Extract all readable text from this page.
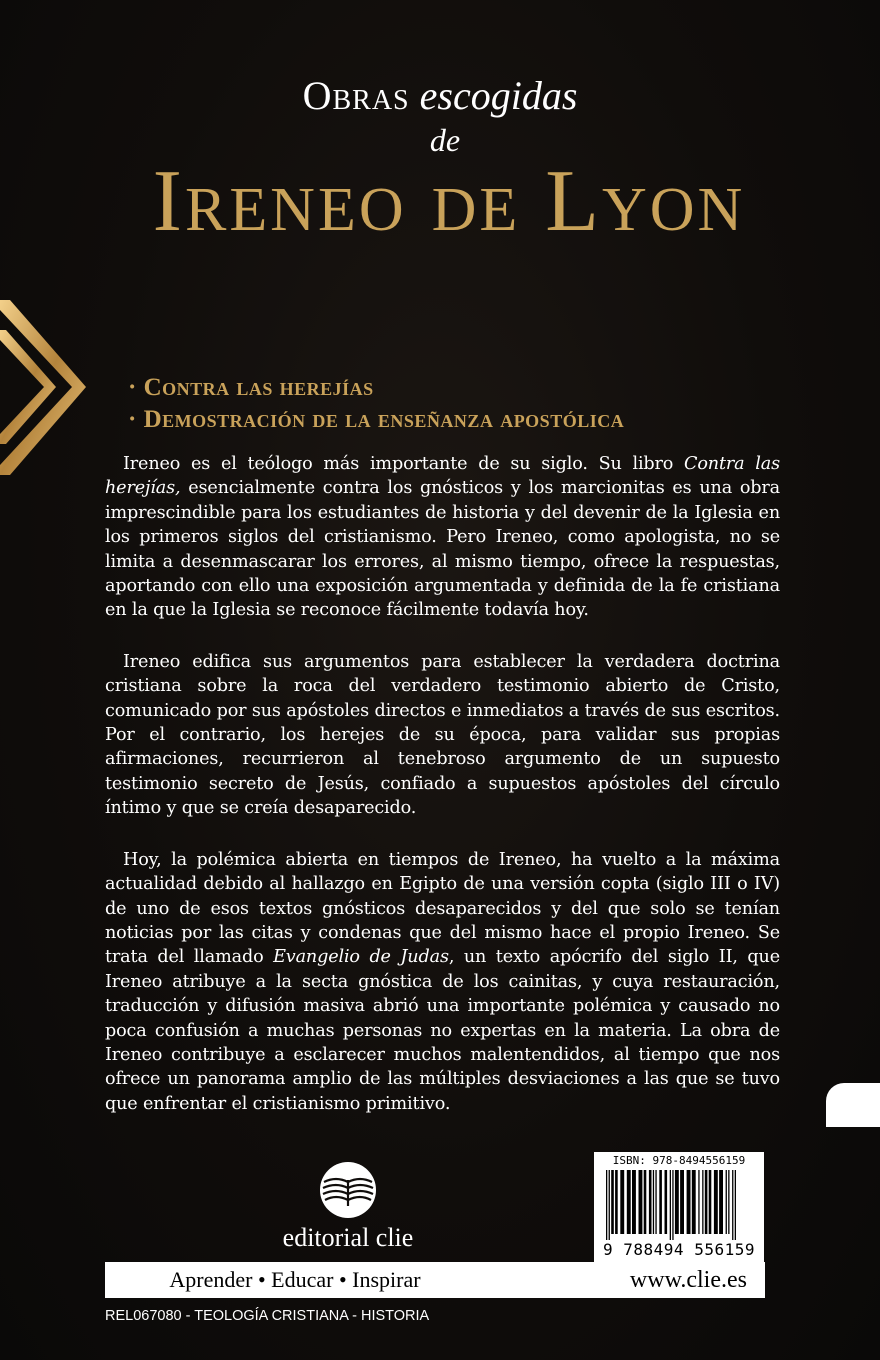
Obras escogidas
de
Ireneo de Lyon
· Contra las herejías
· Demostración de la enseñanza apostólica

Ireneo es el teólogo más importante de su siglo. Su libro Contra las herejías, esencialmente contra los gnósticos y los marcionitas es una obra imprescindible para los estudiantes de historia y del devenir de la Iglesia en los primeros siglos del cristianismo. Pero Ireneo, como apologista, no se limita a desenmascarar los errores, al mismo tiempo, ofrece la respuestas, aportando con ello una exposición argumentada y definida de la fe cristiana en la que la Iglesia se reconoce fácilmente todavía hoy.

Ireneo edifica sus argumentos para establecer la verdadera doctrina cristiana sobre la roca del verdadero testimonio abierto de Cristo, comunicado por sus apóstoles directos e inmediatos a través de sus escritos. Por el contrario, los herejes de su época, para validar sus propias afirmaciones, recurrieron al tenebroso argumento de un supuesto testimonio secreto de Jesús, confiado a supuestos apóstoles del círculo íntimo y que se creía desaparecido.

Hoy, la polémica abierta en tiempos de Ireneo, ha vuelto a la máxima actualidad debido al hallazgo en Egipto de una versión copta (siglo III o IV) de uno de esos textos gnósticos desaparecidos y del que solo se tenían noticias por las citas y condenas que del mismo hace el propio Ireneo. Se trata del llamado Evangelio de Judas, un texto apócrifo del siglo II, que Ireneo atribuye a la secta gnóstica de los cainitas, y cuya restauración, traducción y difusión masiva abrió una importante polémica y causado no poca confusión a muchas personas no expertas en la materia. La obra de Ireneo contribuye a esclarecer muchos malentendidos, al tiempo que nos ofrece un panorama amplio de las múltiples desviaciones a las que se tuvo que enfrentar el cristianismo primitivo.

editorial clie
ISBN: 978-8494556159
9 788494 556159
Aprender • Educar • Inspirar	www.clie.es
REL067080 - TEOLOGÍA CRISTIANA - HISTORIA
